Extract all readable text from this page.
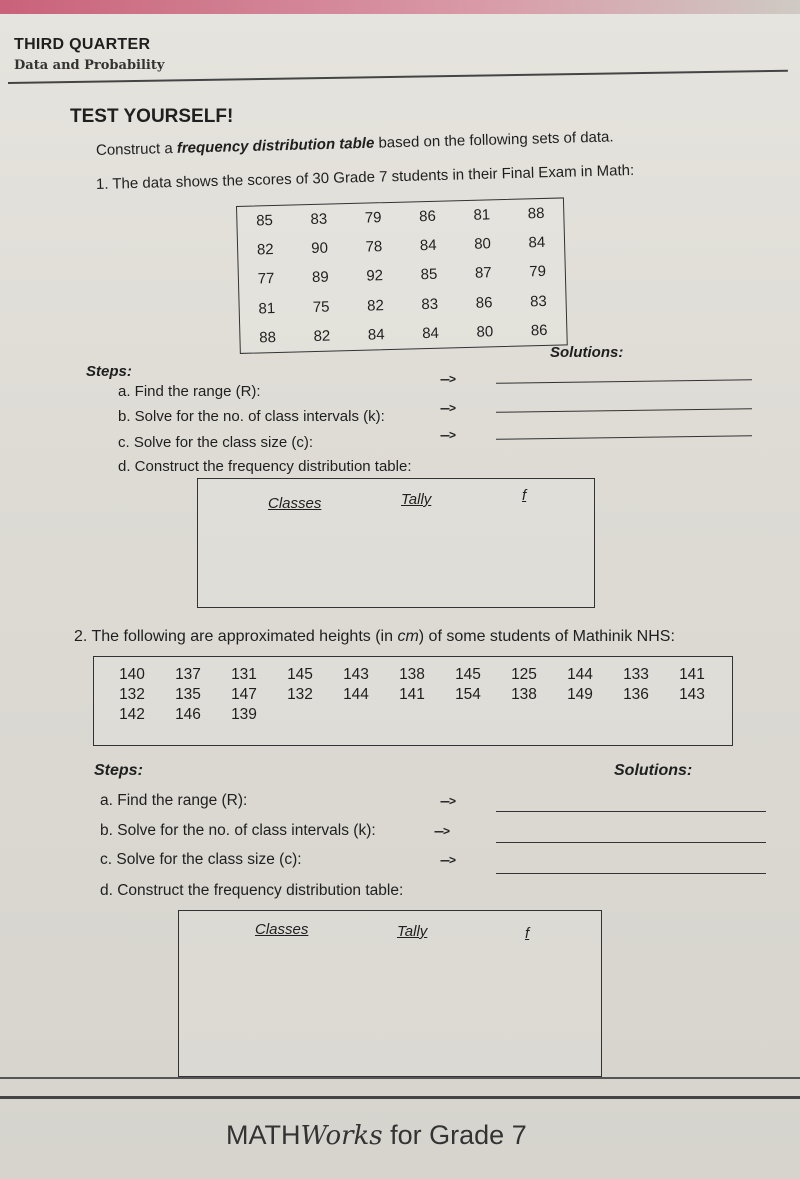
THIRD QUARTER
Data and Probability
TEST YOURSELF!
Construct a frequency distribution table based on the following sets of data.
1. The data shows the scores of 30 Grade 7 students in their Final Exam in Math:
85	83	79	86	81	88
82	90	78	84	80	84
77	89	92	85	87	79
81	75	82	83	86	83
88	82	84	84	80	86
Solutions:
Steps:
a. Find the range (R):
b. Solve for the no. of class intervals (k):
c. Solve for the class size (c):
d. Construct the frequency distribution table:
--->
--->
--->
Classes	Tally	f
2. The following are approximated heights (in cm) of some students of Mathinik NHS:
140	137	131	145	143	138	145	125	144	133	141
132	135	147	132	144	141	154	138	149	136	143
142	146	139								
Steps:	Solutions:
a. Find the range (R):
b. Solve for the no. of class intervals (k):
c. Solve for the class size (c):
d. Construct the frequency distribution table:
--->
--->
--->
Classes	Tally	f
MATHWorks for Grade 7
